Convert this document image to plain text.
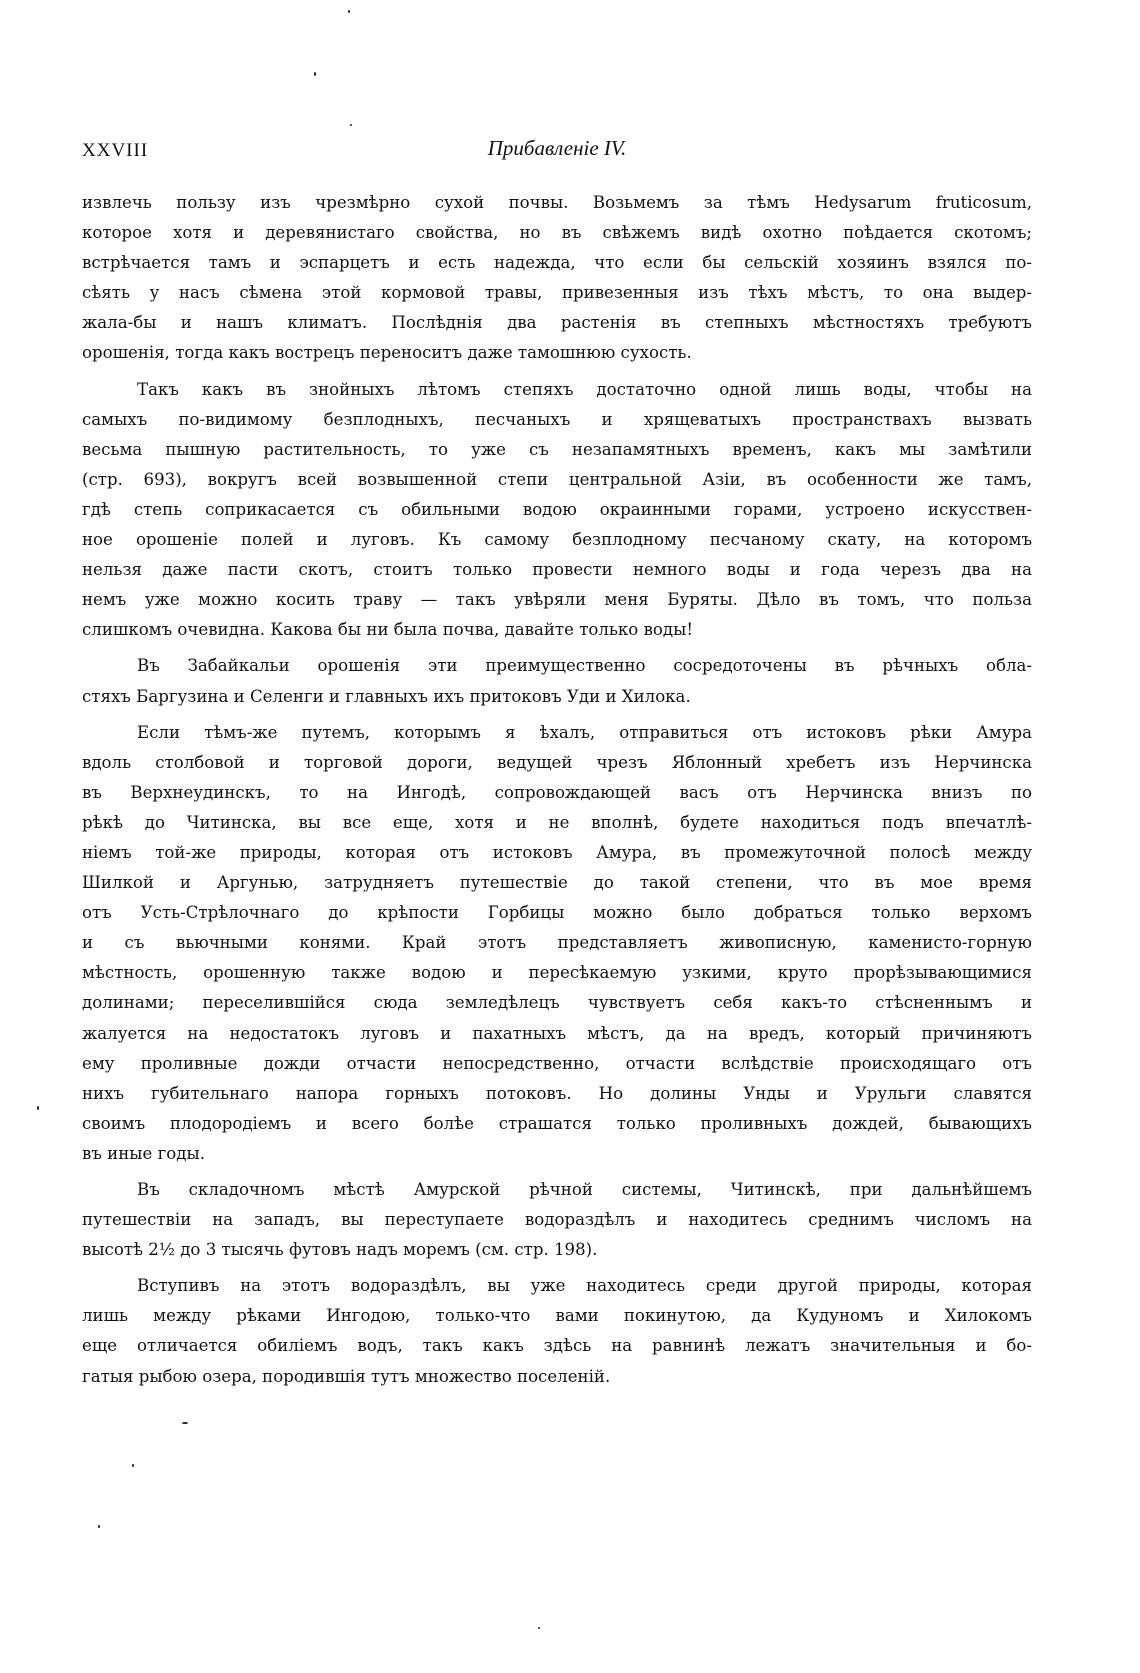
XXVIII	Прибавленіе IV.

извлечь пользу изъ чрезмѣрно сухой почвы. Возьмемъ за тѣмъ Hedysarum fruticosum,
которое хотя и деревянистаго свойства, но въ свѣжемъ видѣ охотно поѣдается скотомъ;
встрѣчается тамъ и эспарцетъ и есть надежда, что если бы сельскій хозяинъ взялся по-
сѣять у насъ сѣмена этой кормовой травы, привезенныя изъ тѣхъ мѣстъ, то она выдер-
жала-бы и нашъ климатъ. Послѣднія два растенія въ степныхъ мѣстностяхъ требуютъ
орошенія, тогда какъ вострецъ переноситъ даже тамошнюю сухость.

Такъ какъ въ знойныхъ лѣтомъ степяхъ достаточно одной лишь воды, чтобы на
самыхъ по-видимому безплодныхъ, песчаныхъ и хрящеватыхъ пространствахъ вызвать
весьма пышную растительность, то уже съ незапамятныхъ временъ, какъ мы замѣтили
(стр. 693), вокругъ всей возвышенной степи центральной Азіи, въ особенности же тамъ,
гдѣ степь соприкасается съ обильными водою окраинными горами, устроено искусствен-
ное орошеніе полей и луговъ. Къ самому безплодному песчаному скату, на которомъ
нельзя даже пасти скотъ, стоитъ только провести немного воды и года черезъ два на
немъ уже можно косить траву — такъ увѣряли меня Буряты. Дѣло въ томъ, что польза
слишкомъ очевидна. Какова бы ни была почва, давайте только воды!

Въ Забайкальи орошенія эти преимущественно сосредоточены въ рѣчныхъ обла-
стяхъ Баргузина и Селенги и главныхъ ихъ притоковъ Уди и Хилока.

Если тѣмъ-же путемъ, которымъ я ѣхалъ, отправиться отъ истоковъ рѣки Амура
вдоль столбовой и торговой дороги, ведущей чрезъ Яблонный хребетъ изъ Нерчинска
въ Верхнеудинскъ, то на Ингодѣ, сопровождающей васъ отъ Нерчинска внизъ по
рѣкѣ до Читинска, вы все еще, хотя и не вполнѣ, будете находиться подъ впечатлѣ-
ніемъ той-же природы, которая отъ истоковъ Амура, въ промежуточной полосѣ между
Шилкой и Аргунью, затрудняетъ путешествіе до такой степени, что въ мое время
отъ Усть-Стрѣлочнаго до крѣпости Горбицы можно было добраться только верхомъ
и съ вьючными конями. Край этотъ представляетъ живописную, каменисто-горную
мѣстность, орошенную также водою и пересѣкаемую узкими, круто прорѣзывающимися
долинами; переселившійся сюда земледѣлецъ чувствуетъ себя какъ-то стѣсненнымъ и
жалуется на недостатокъ луговъ и пахатныхъ мѣстъ, да на вредъ, который причиняютъ
ему проливные дожди отчасти непосредственно, отчасти вслѣдствіе происходящаго отъ
нихъ губительнаго напора горныхъ потоковъ. Но долины Унды и Урульги славятся
своимъ плодородіемъ и всего болѣе страшатся только проливныхъ дождей, бывающихъ
въ иные годы.

Въ складочномъ мѣстѣ Амурской рѣчной системы, Читинскѣ, при дальнѣйшемъ
путешествіи на западъ, вы переступаете водораздѣлъ и находитесь среднимъ числомъ на
высотѣ 2½ до 3 тысячь футовъ надъ моремъ (см. стр. 198).

Вступивъ на этотъ водораздѣлъ, вы уже находитесь среди другой природы, которая
лишь между рѣками Ингодою, только-что вами покинутою, да Кудуномъ и Хилокомъ
еще отличается обиліемъ водъ, такъ какъ здѣсь на равнинѣ лежатъ значительныя и бо-
гатыя рыбою озера, породившія тутъ множество поселеній.
